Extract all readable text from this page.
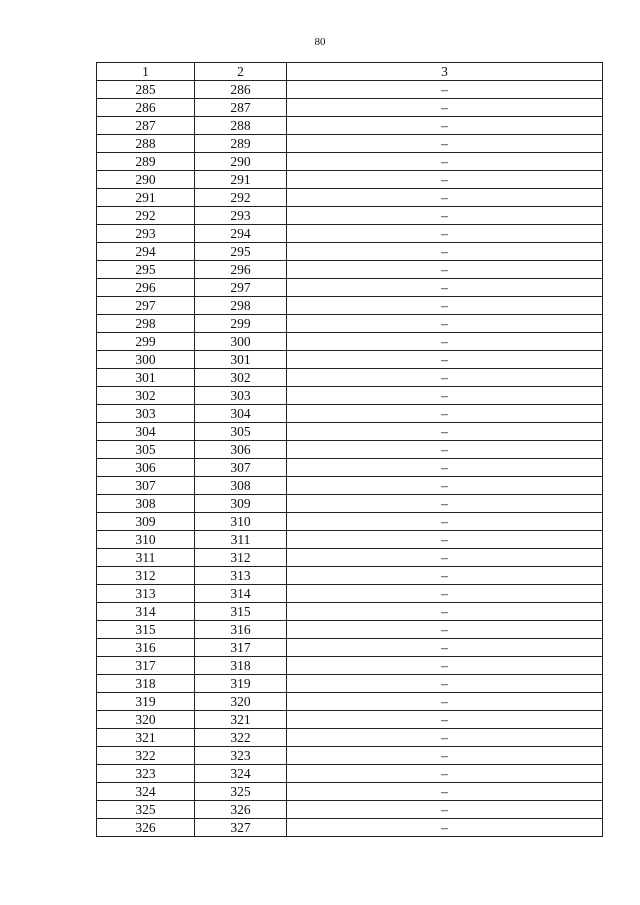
80
1	2	3
285	286	–
286	287	–
287	288	–
288	289	–
289	290	–
290	291	–
291	292	–
292	293	–
293	294	–
294	295	–
295	296	–
296	297	–
297	298	–
298	299	–
299	300	–
300	301	–
301	302	–
302	303	–
303	304	–
304	305	–
305	306	–
306	307	–
307	308	–
308	309	–
309	310	–
310	311	–
311	312	–
312	313	–
313	314	–
314	315	–
315	316	–
316	317	–
317	318	–
318	319	–
319	320	–
320	321	–
321	322	–
322	323	–
323	324	–
324	325	–
325	326	–
326	327	–
